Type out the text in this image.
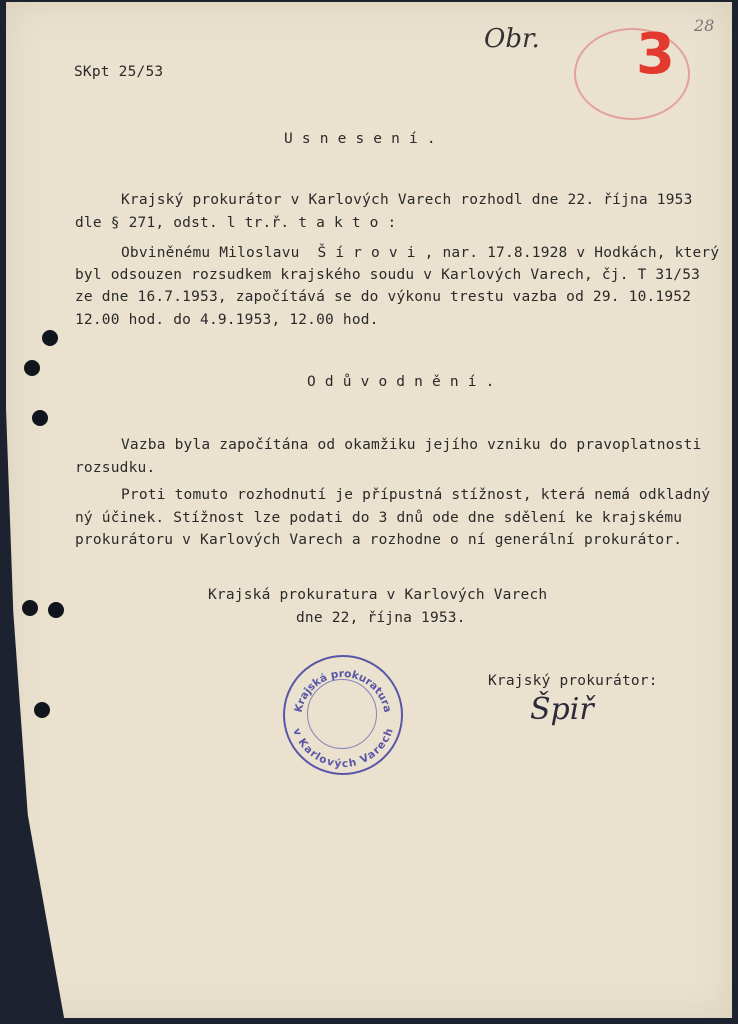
SKpt 25/53
Obr.	28
3
U s n e s e n í .
Krajský prokurátor v Karlových Varech rozhodl dne 22. října 1953
dle § 271, odst. l tr.ř. t a k t o :
Obviněnému Miloslavu  Š í r o v i , nar. 17.8.1928 v Hodkách, který
byl odsouzen rozsudkem krajského soudu v Karlových Varech, čj. T 31/53
ze dne 16.7.1953, započítává se do výkonu trestu vazba od 29. 10.1952
12.00 hod. do 4.9.1953, 12.00 hod.
O d ů v o d n ě n í .
Vazba byla započítána od okamžiku jejího vzniku do pravoplatnosti
rozsudku.
Proti tomuto rozhodnutí je přípustná stížnost, která nemá odkladný
ný účinek. Stížnost lze podati do 3 dnů ode dne sdělení ke krajskému
prokurátoru v Karlových Varech a rozhodne o ní generální prokurátor.
Krajská prokuratura v Karlových Varech
dne 22, října 1953.
Krajský prokurátor:
Špiř
Krajská prokuratura
v Karlových Varech
